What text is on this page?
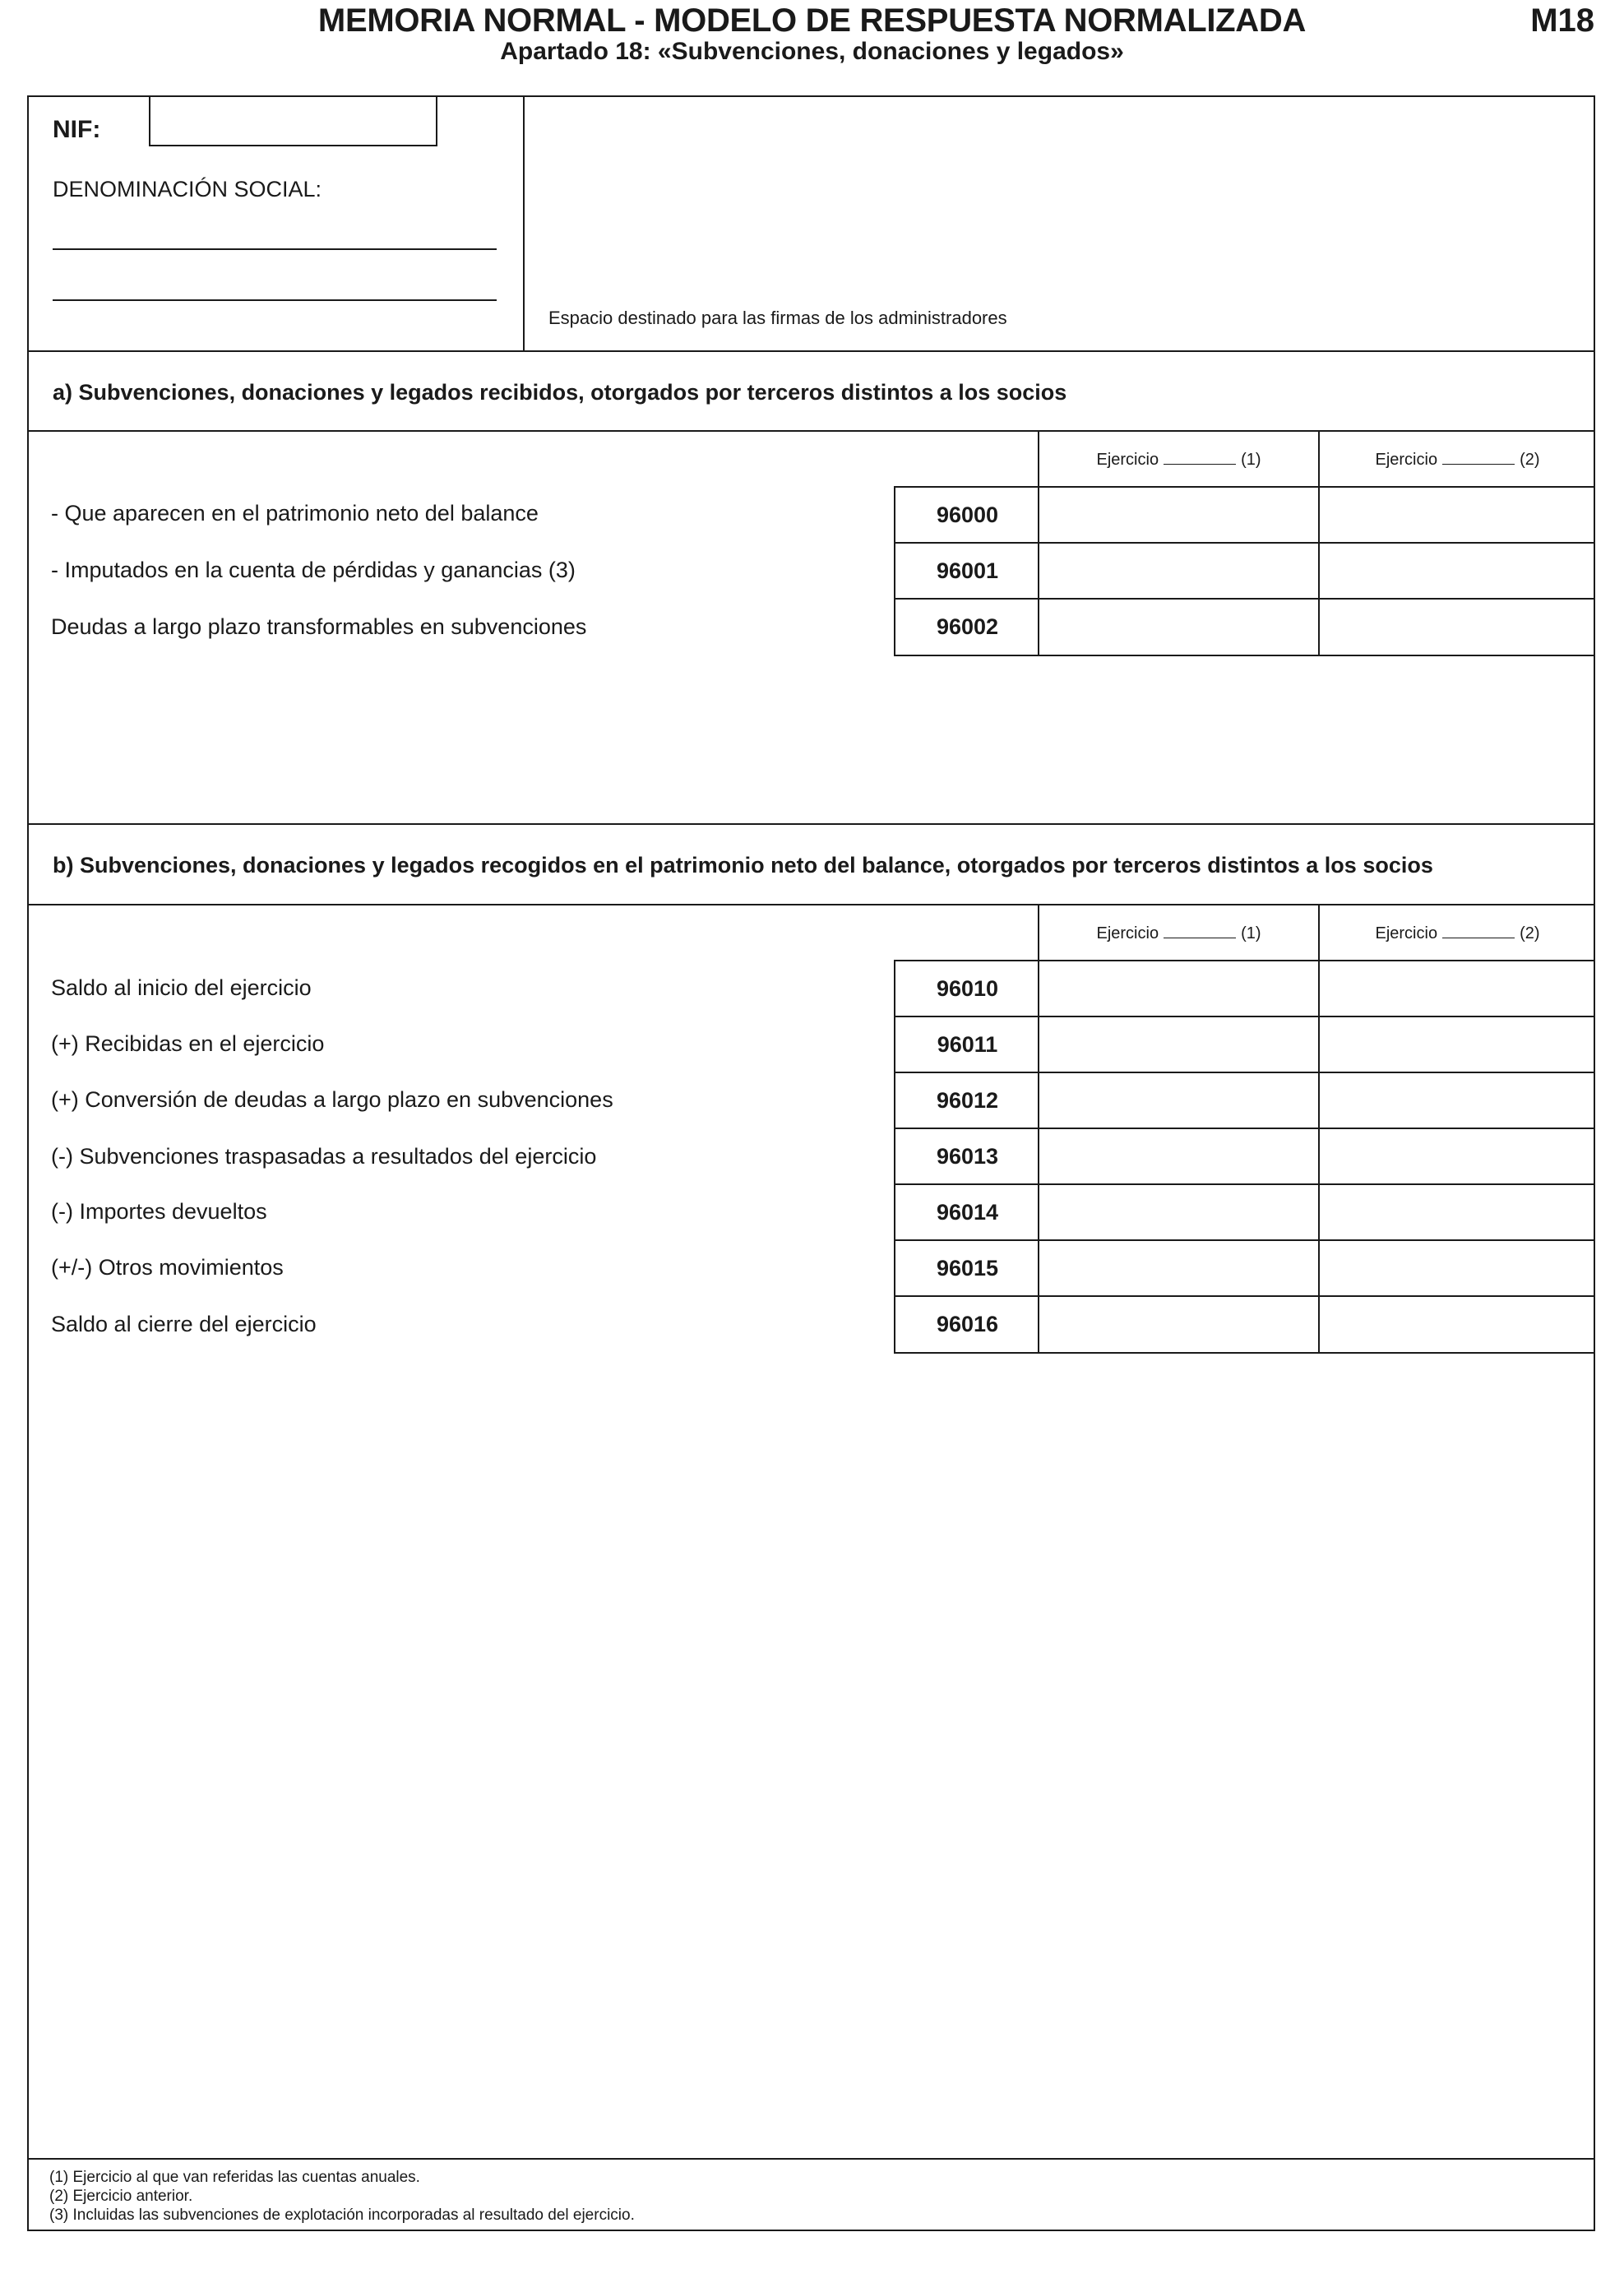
MEMORIA NORMAL - MODELO DE RESPUESTA NORMALIZADA
Apartado 18: «Subvenciones, donaciones y legados»
M18
NIF:
DENOMINACIÓN SOCIAL:
Espacio destinado para las firmas de los administradores
a) Subvenciones, donaciones y legados recibidos, otorgados por terceros distintos a los socios
Ejercicio	(1)	Ejercicio	(2)
- Que aparecen en el patrimonio neto del balance	96000
- Imputados en la cuenta de pérdidas y ganancias (3)	96001
Deudas a largo plazo transformables en subvenciones	96002
b) Subvenciones, donaciones y legados recogidos en el patrimonio neto del balance, otorgados por terceros distintos a los socios
Ejercicio	(1)	Ejercicio	(2)
Saldo al inicio del ejercicio	96010
(+) Recibidas en el ejercicio	96011
(+) Conversión de deudas a largo plazo en subvenciones	96012
(-) Subvenciones traspasadas a resultados del ejercicio	96013
(-) Importes devueltos	96014
(+/-) Otros movimientos	96015
Saldo al cierre del ejercicio	96016
(1) Ejercicio al que van referidas las cuentas anuales.
(2) Ejercicio anterior.
(3) Incluidas las subvenciones de explotación incorporadas al resultado del ejercicio.
